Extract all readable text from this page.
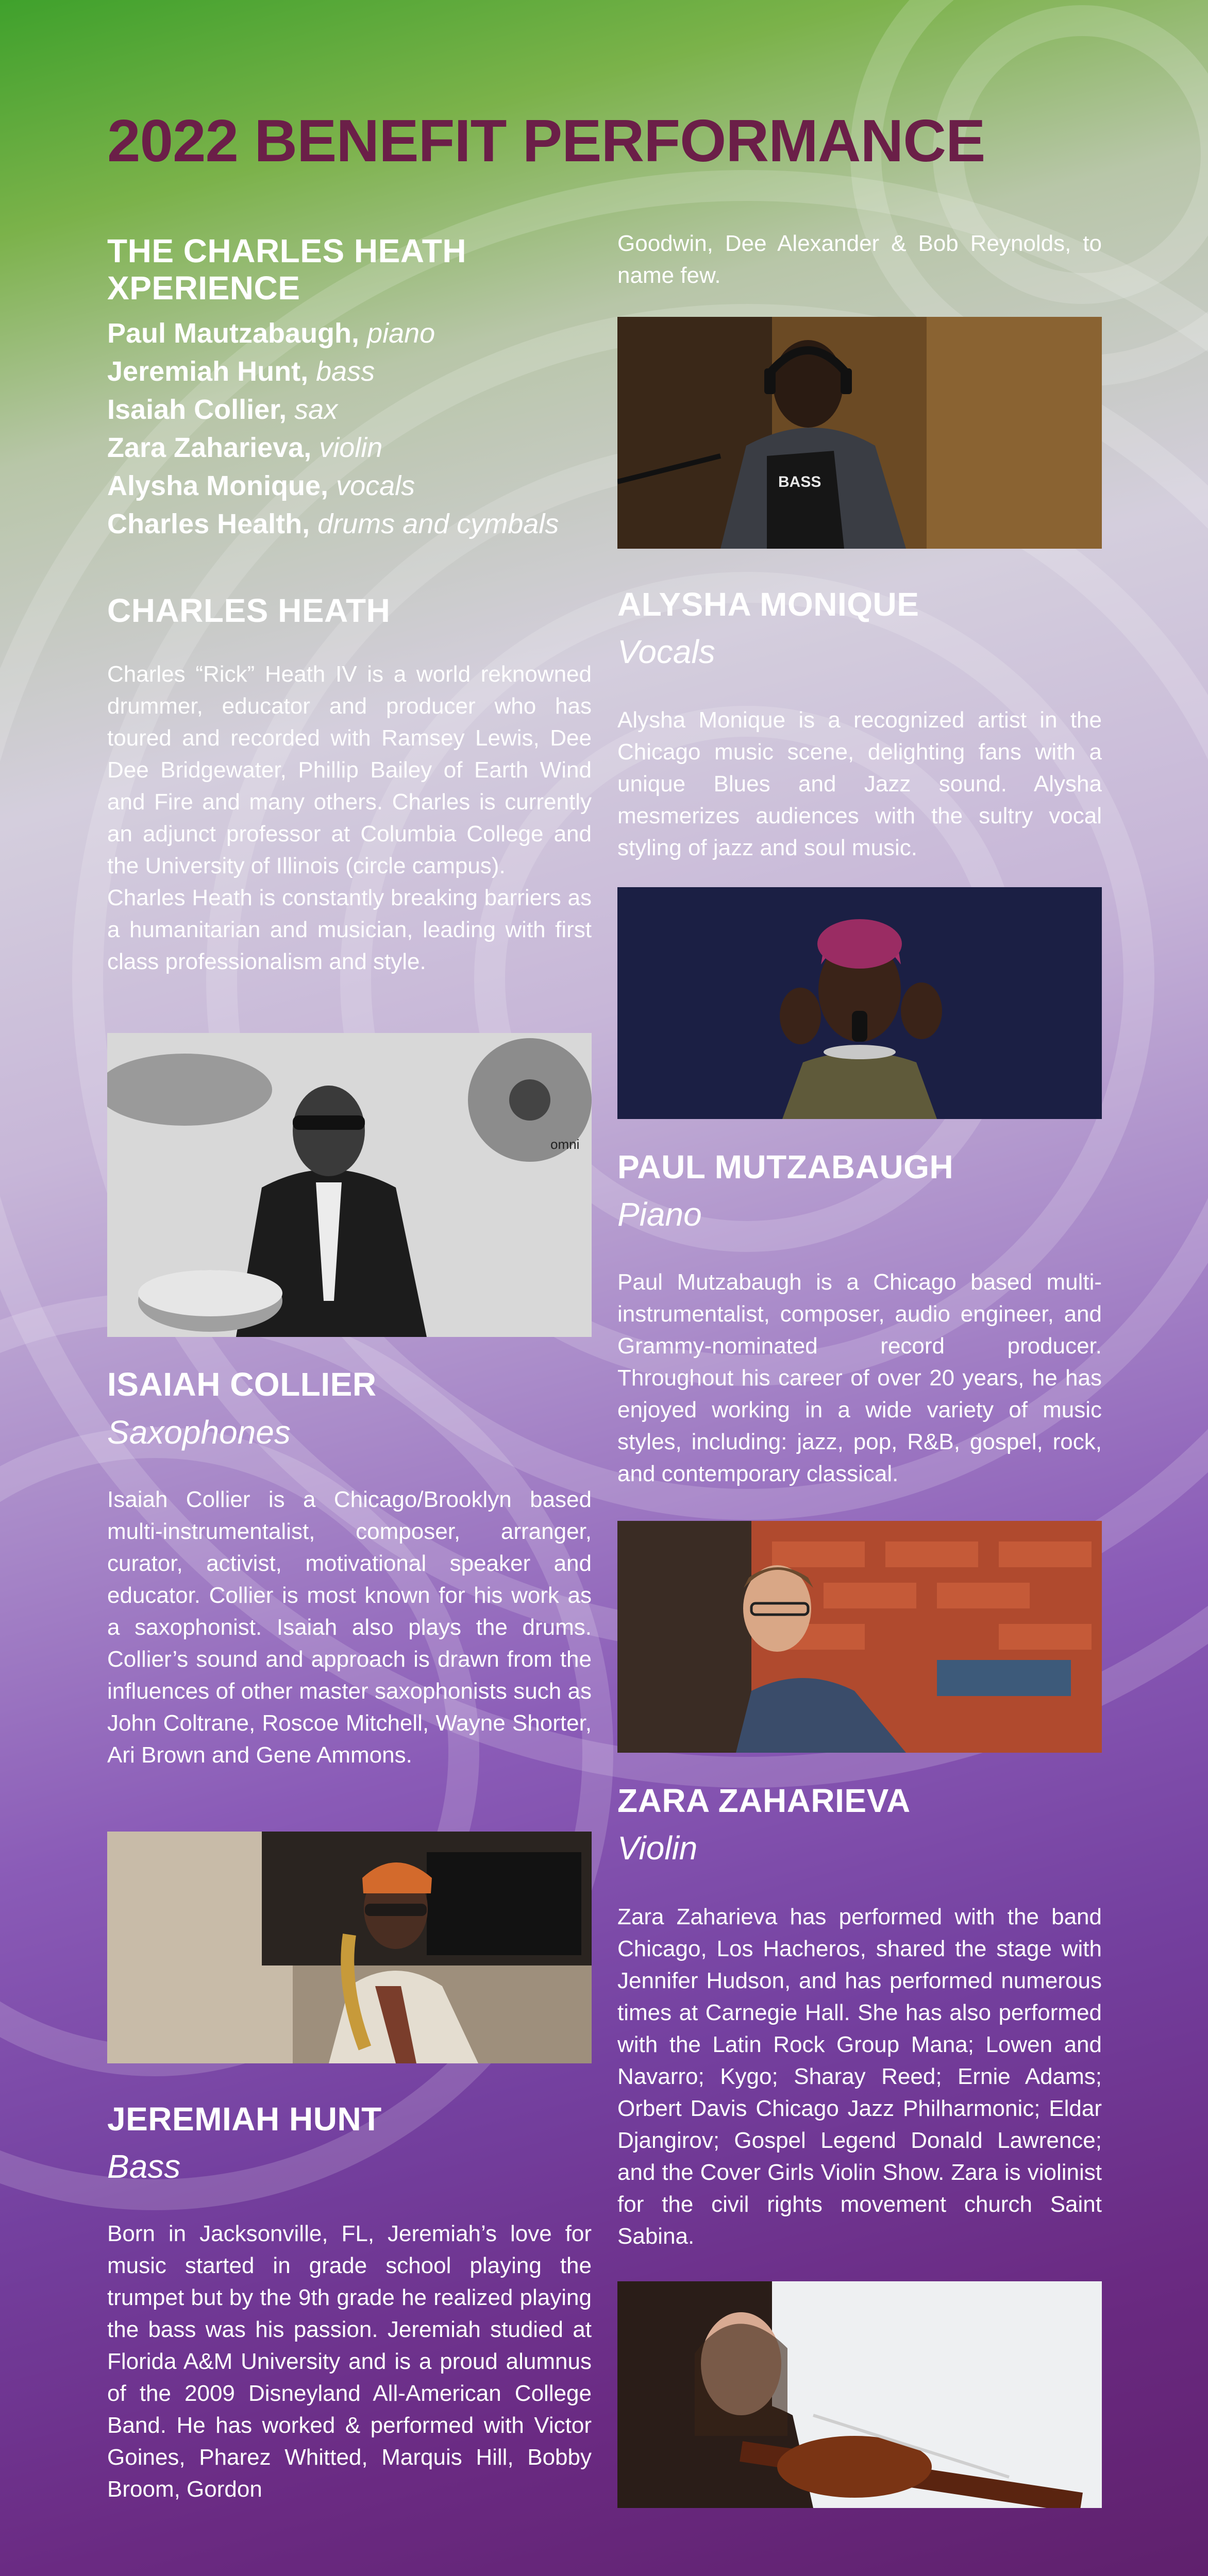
2022 BENEFIT PERFORMANCE
THE CHARLES HEATH XPERIENCE
Paul Mautzabaugh, piano
Jeremiah Hunt, bass
Isaiah Collier, sax
Zara Zaharieva, violin
Alysha Monique, vocals
Charles Health, drums and cymbals
CHARLES HEATH

Charles “Rick” Heath IV is a world reknowned drummer, educator and producer who has toured and recorded with Ramsey Lewis, Dee Dee Bridgewater, Phillip Bailey of Earth Wind and Fire and many others. Charles is currently an adjunct professor at Columbia College and the University of Illinois (circle campus).

Charles Heath is constantly breaking barriers as a humanitarian and musician, leading with first class professionalism and style.

omni
ISAIAH COLLIER

Saxophones

Isaiah Collier is a Chicago/Brooklyn based multi-instrumentalist, composer, arranger, curator, activist, motivational speaker and educator. Collier is most known for his work as a saxophonist. Isaiah also plays the drums. Collier’s sound and approach is drawn from the influences of other master saxophonists such as John Coltrane, Roscoe Mitchell, Wayne Shorter, Ari Brown and Gene Ammons.

JEREMIAH HUNT

Bass

Born in Jacksonville, FL, Jeremiah’s love for music started in grade school playing the trumpet but by the 9th grade he realized playing the bass was his passion. Jeremiah studied at Florida A&M University and is a proud alumnus of the 2009 Disneyland All-American College Band. He has worked & performed with Victor Goines, Pharez Whitted, Marquis Hill, Bobby Broom, Gordon

Goodwin, Dee Alexander & Bob Reynolds, to name few.

BASS
ALYSHA MONIQUE

Vocals

Alysha Monique is a recognized artist in the Chicago music scene, delighting fans with a unique Blues and Jazz sound. Alysha mesmerizes audiences with the sultry vocal styling of jazz and soul music.

PAUL MUTZABAUGH

Piano

Paul Mutzabaugh is a Chicago based multi-instrumentalist, composer, audio engineer, and Grammy-nominated record producer. Throughout his career of over 20 years, he has enjoyed working in a wide variety of music styles, including: jazz, pop, R&B, gospel, rock, and contemporary classical.

ZARA ZAHARIEVA

Violin

Zara Zaharieva has performed with the band Chicago, Los Hacheros, shared the stage with Jennifer Hudson, and has performed numerous times at Carnegie Hall. She has also performed with the Latin Rock Group Mana; Lowen and Navarro; Kygo; Sharay Reed; Ernie Adams; Orbert Davis Chicago Jazz Philharmonic; Eldar Djangirov; Gospel Legend Donald Lawrence; and the Cover Girls Violin Show. Zara is violinist for the civil rights movement church Saint Sabina.
